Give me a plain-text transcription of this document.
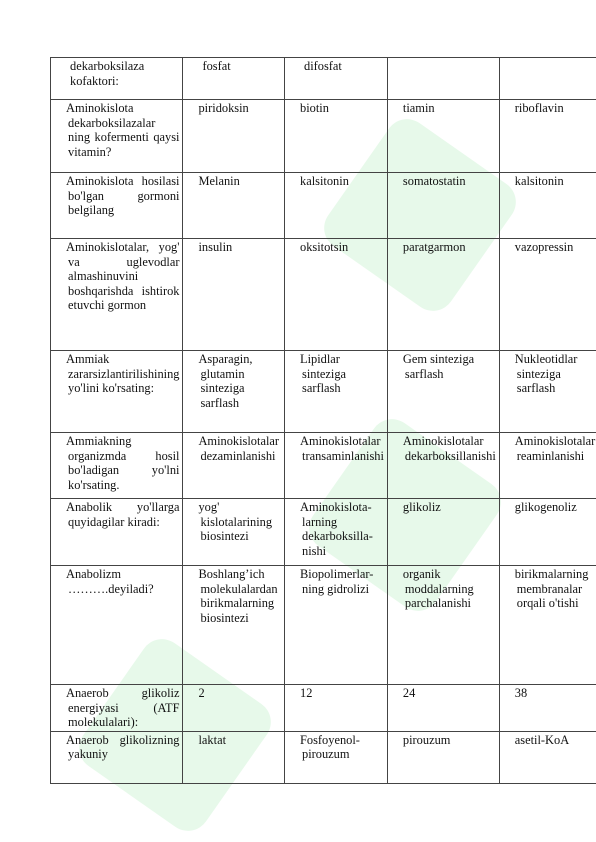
dekarboksilaza kofaktori:	fosfat	difosfat			

Aminokislota dekarboksilazalar ning kofermenti qaysi vitamin?	piridoksin	biotin	tiamin	riboflavin	

Aminokislota hosilasi bo'lgan gormoni belgilang	Melanin	kalsitonin	somatostatin	kalsitonin	

Aminokislotalar, yog' va uglevodlar almashinuvini boshqarishda ishtirok etuvchi gormon	insulin	oksitotsin	paratgarmon	vazopressin	

Ammiak zararsizlantirilishining yo'lini ko'rsating:	Asparagin, glutamin sinteziga sarflash	Lipidlar sinteziga sarflash	Gem sinteziga sarflash	Nukleotidlar sinteziga sarflash	

Ammiakning organizmda hosil bo'ladigan yo'lni ko'rsating.	Aminokislotalar dezaminlanishi	Aminokislotalar transaminlanishi	Aminokislotalar dekarboksillanishi	Aminokislotalar reaminlanishi	

Anabolik yo'llarga quyidagilar kiradi:	yog' kislotalarining biosintezi	Aminokislota-larning dekarboksilla-nishi	glikoliz	glikogenoliz	

Anabolizm ……….deyiladi?	Boshlang’ich molekulalardan birikmalarning biosintezi	Biopolimerlar-ning gidrolizi	organik moddalarning parchalanishi	birikmalarning membranalar orqali o'tishi	

Anaerob glikoliz energiyasi (ATF molekulalari):	2	12	24	38	

Anaerob glikolizning yakuniy	laktat	Fosfoyenol-pirouzum	pirouzum	asetil-KoA	
